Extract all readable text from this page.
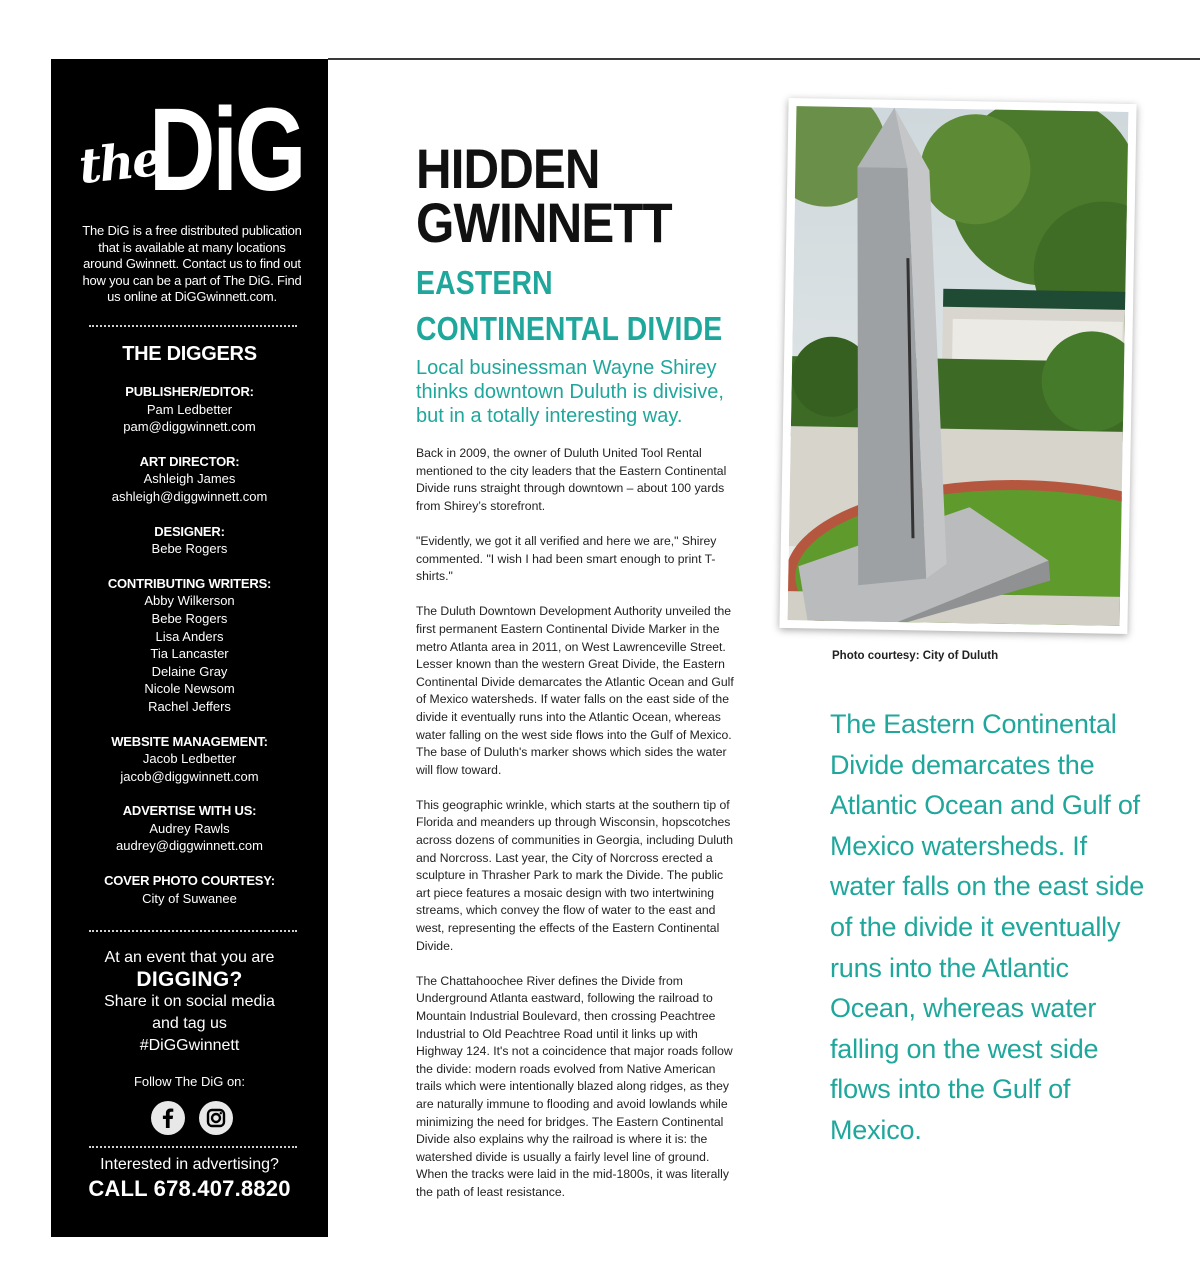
the
DiG
The DiG is a free distributed publication that is available at many locations around Gwinnett. Contact us to find out how you can be a part of The DiG. Find us online at DiGGwinnett.com.
THE DIGGERS
PUBLISHER/EDITOR:
Pam Ledbetter
pam@diggwinnett.com
ART DIRECTOR:
Ashleigh James
ashleigh@diggwinnett.com
DESIGNER:
Bebe Rogers
CONTRIBUTING WRITERS:
Abby Wilkerson
Bebe Rogers
Lisa Anders
Tia Lancaster
Delaine Gray
Nicole Newsom
Rachel Jeffers
WEBSITE MANAGEMENT:
Jacob Ledbetter
jacob@diggwinnett.com
ADVERTISE WITH US:
Audrey Rawls
audrey@diggwinnett.com
COVER PHOTO COURTESY:
City of Suwanee
At an event that you are
DIGGING?
Share it on social media
and tag us
#DiGGwinnett
Follow The DiG on:
Interested in advertising?
CALL 678.407.8820
HIDDEN
GWINNETT
EASTERN
CONTINENTAL DIVIDE
Local businessman Wayne Shirey thinks downtown Duluth is divisive, but in a totally interesting way.

Back in 2009, the owner of Duluth United Tool Rental mentioned to the city leaders that the Eastern Continental Divide runs straight through downtown – about 100 yards from Shirey’s storefront.

"Evidently, we got it all verified and here we are," Shirey commented. "I wish I had been smart enough to print T-shirts."

The Duluth Downtown Development Authority unveiled the first permanent Eastern Continental Divide Marker in the metro Atlanta area in 2011, on West Lawrenceville Street. Lesser known than the western Great Divide, the Eastern Continental Divide demarcates the Atlantic Ocean and Gulf of Mexico watersheds. If water falls on the east side of the divide it eventually runs into the Atlantic Ocean, whereas water falling on the west side flows into the Gulf of Mexico. The base of Duluth's marker shows which sides the water will flow toward.

This geographic wrinkle, which starts at the southern tip of Florida and meanders up through Wisconsin, hopscotches across dozens of communities in Georgia, including Duluth and Norcross. Last year, the City of Norcross erected a sculpture in Thrasher Park to mark the Divide. The public art piece features a mosaic design with two intertwining streams, which convey the flow of water to the east and west, representing the effects of the Eastern Continental Divide.

The Chattahoochee River defines the Divide from Underground Atlanta eastward, following the railroad to Mountain Industrial Boulevard, then crossing Peachtree Industrial to Old Peachtree Road until it links up with Highway 124. It's not a coincidence that major roads follow the divide: modern roads evolved from Native American trails which were intentionally blazed along ridges, as they are naturally immune to flooding and avoid lowlands while minimizing the need for bridges. The Eastern Continental Divide also explains why the railroad is where it is: the watershed divide is usually a fairly level line of ground. When the tracks were laid in the mid-1800s, it was literally the path of least resistance.

Photo courtesy: City of Duluth
The Eastern Continental Divide demarcates the Atlantic Ocean and Gulf of Mexico watersheds. If water falls on the east side of the divide it eventually runs into the Atlantic Ocean, whereas water falling on the west side flows into the Gulf of Mexico.
